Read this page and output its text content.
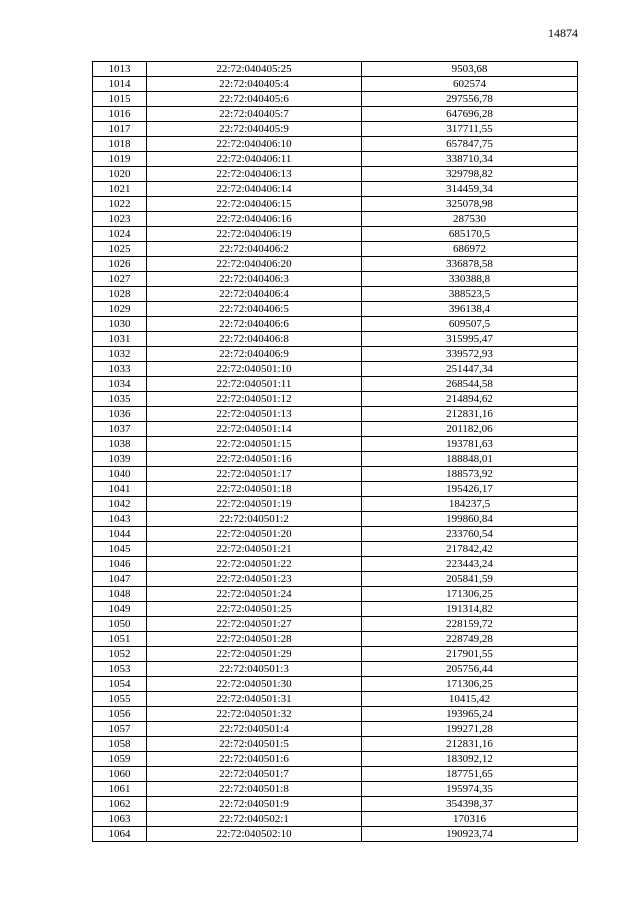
14874
1013	22:72:040405:25	9503,68
1014	22:72:040405:4	602574
1015	22:72:040405:6	297556,78
1016	22:72:040405:7	647696,28
1017	22:72:040405:9	317711,55
1018	22:72:040406:10	657847,75
1019	22:72:040406:11	338710,34
1020	22:72:040406:13	329798,82
1021	22:72:040406:14	314459,34
1022	22:72:040406:15	325078,98
1023	22:72:040406:16	287530
1024	22:72:040406:19	685170,5
1025	22:72:040406:2	686972
1026	22:72:040406:20	336878,58
1027	22:72:040406:3	330388,8
1028	22:72:040406:4	388523,5
1029	22:72:040406:5	396138,4
1030	22:72:040406:6	609507,5
1031	22:72:040406:8	315995,47
1032	22:72:040406:9	339572,93
1033	22:72:040501:10	251447,34
1034	22:72:040501:11	268544,58
1035	22:72:040501:12	214894,62
1036	22:72:040501:13	212831,16
1037	22:72:040501:14	201182,06
1038	22:72:040501:15	193781,63
1039	22:72:040501:16	188848,01
1040	22:72:040501:17	188573,92
1041	22:72:040501:18	195426,17
1042	22:72:040501:19	184237,5
1043	22:72:040501:2	199860,84
1044	22:72:040501:20	233760,54
1045	22:72:040501:21	217842,42
1046	22:72:040501:22	223443,24
1047	22:72:040501:23	205841,59
1048	22:72:040501:24	171306,25
1049	22:72:040501:25	191314,82
1050	22:72:040501:27	228159,72
1051	22:72:040501:28	228749,28
1052	22:72:040501:29	217901,55
1053	22:72:040501:3	205756,44
1054	22:72:040501:30	171306,25
1055	22:72:040501:31	10415,42
1056	22:72:040501:32	193965,24
1057	22:72:040501:4	199271,28
1058	22:72:040501:5	212831,16
1059	22:72:040501:6	183092,12
1060	22:72:040501:7	187751,65
1061	22:72:040501:8	195974,35
1062	22:72:040501:9	354398,37
1063	22:72:040502:1	170316
1064	22:72:040502:10	190923,74
